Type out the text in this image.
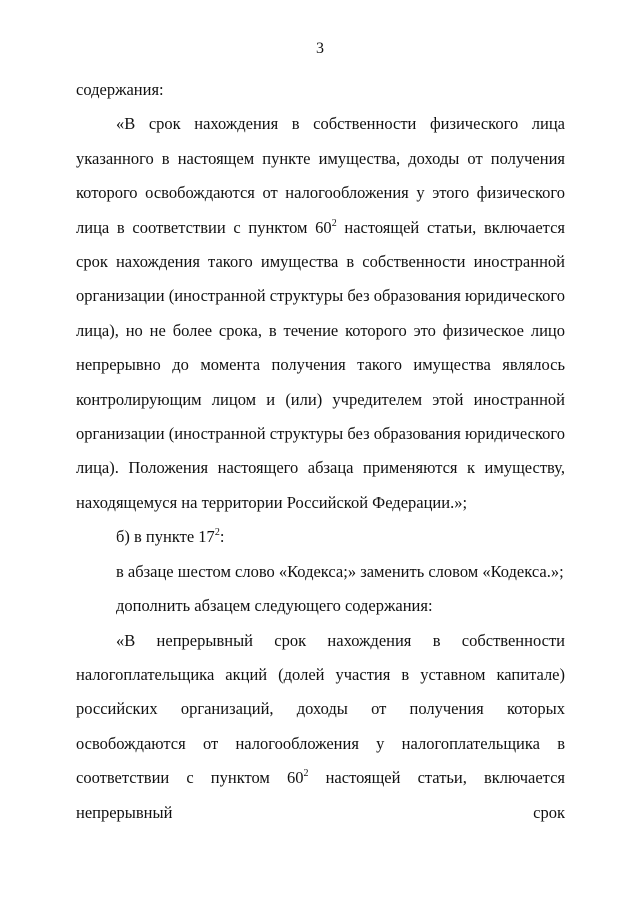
3

содержания:

«В срок нахождения в собственности физического лица указанного в настоящем пункте имущества, доходы от получения которого освобождаются от налогообложения у этого физического лица в соответствии с пунктом $60^2$ настоящей статьи, включается срок нахождения такого имущества в собственности иностранной организации (иностранной структуры без образования юридического лица), но не более срока, в течение которого это физическое лицо непрерывно до момента получения такого имущества являлось контролирующим лицом и (или) учредителем этой иностранной организации (иностранной структуры без образования юридического лица). Положения настоящего абзаца применяются к имуществу, находящемуся на территории Российской Федерации.»;

б) в пункте $17^2$:

в абзаце шестом слово «Кодекса;» заменить словом «Кодекса.»;

дополнить абзацем следующего содержания:

«В непрерывный срок нахождения в собственности налогоплательщика акций (долей участия в уставном капитале) российских организаций, доходы от получения которых освобождаются от налогообложения у налогоплательщика в соответствии с пунктом $60^2$ настоящей статьи, включается непрерывный срок
